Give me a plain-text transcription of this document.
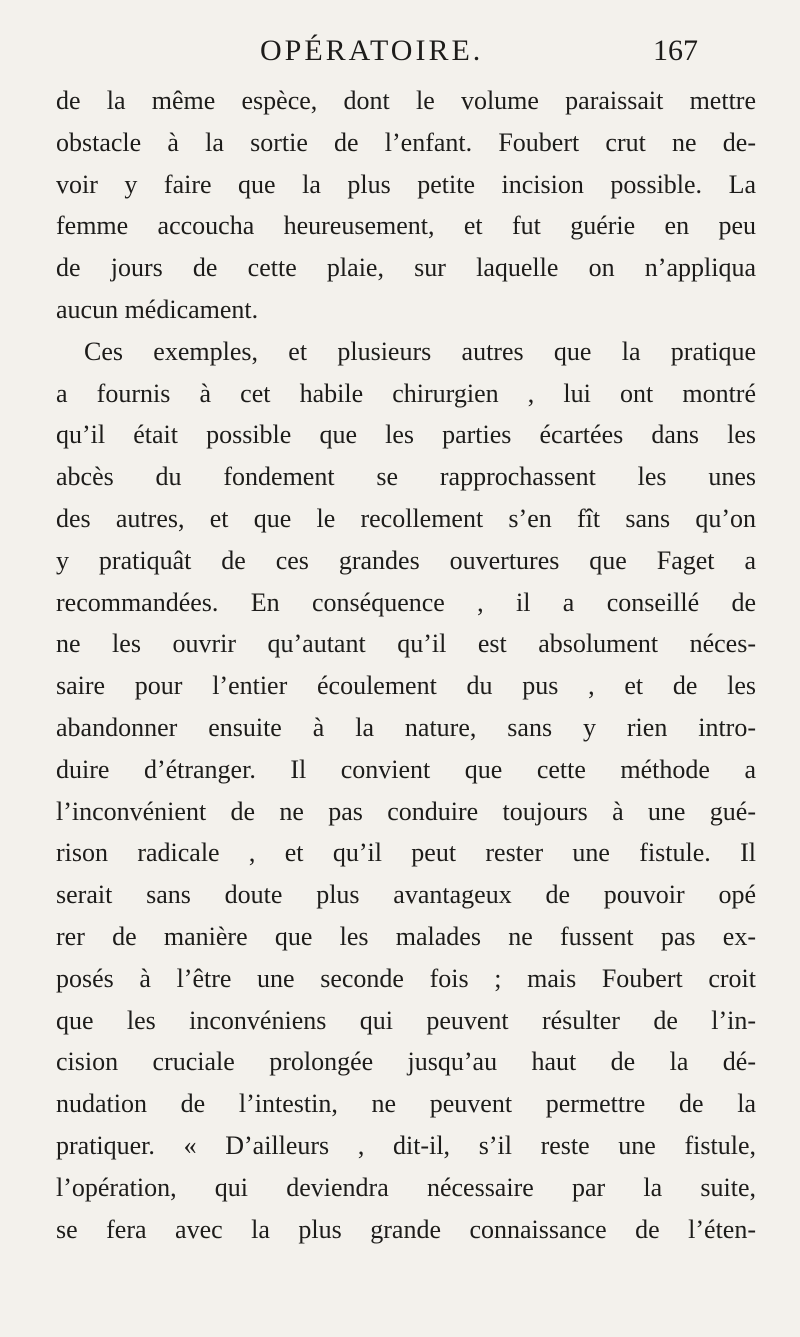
OPÉRATOIRE.	167
de la même espèce, dont le volume paraissait mettre
obstacle à la sortie de l’enfant. Foubert crut ne de-
voir y faire que la plus petite incision possible. La
femme accoucha heureusement, et fut guérie en peu
de jours de cette plaie, sur laquelle on n’appliqua
aucun médicament.
Ces exemples, et plusieurs autres que la pratique
a fournis à cet habile chirurgien , lui ont montré
qu’il était possible que les parties écartées dans les
abcès du fondement se rapprochassent les unes
des autres, et que le recollement s’en fît sans qu’on
y pratiquât de ces grandes ouvertures que Faget a
recommandées. En conséquence , il a conseillé de
ne les ouvrir qu’autant qu’il est absolument néces-
saire pour l’entier écoulement du pus , et de les
abandonner ensuite à la nature, sans y rien intro-
duire d’étranger. Il convient que cette méthode a
l’inconvénient de ne pas conduire toujours à une gué-
rison radicale , et qu’il peut rester une fistule. Il
serait sans doute plus avantageux de pouvoir opé
rer de manière que les malades ne fussent pas ex-
posés à l’être une seconde fois ; mais Foubert croit
que les inconvéniens qui peuvent résulter de l’in-
cision cruciale prolongée jusqu’au haut de la dé-
nudation de l’intestin, ne peuvent permettre de la
pratiquer. « D’ailleurs , dit-il, s’il reste une fistule,
l’opération, qui deviendra nécessaire par la suite,
se fera avec la plus grande connaissance de l’éten-
